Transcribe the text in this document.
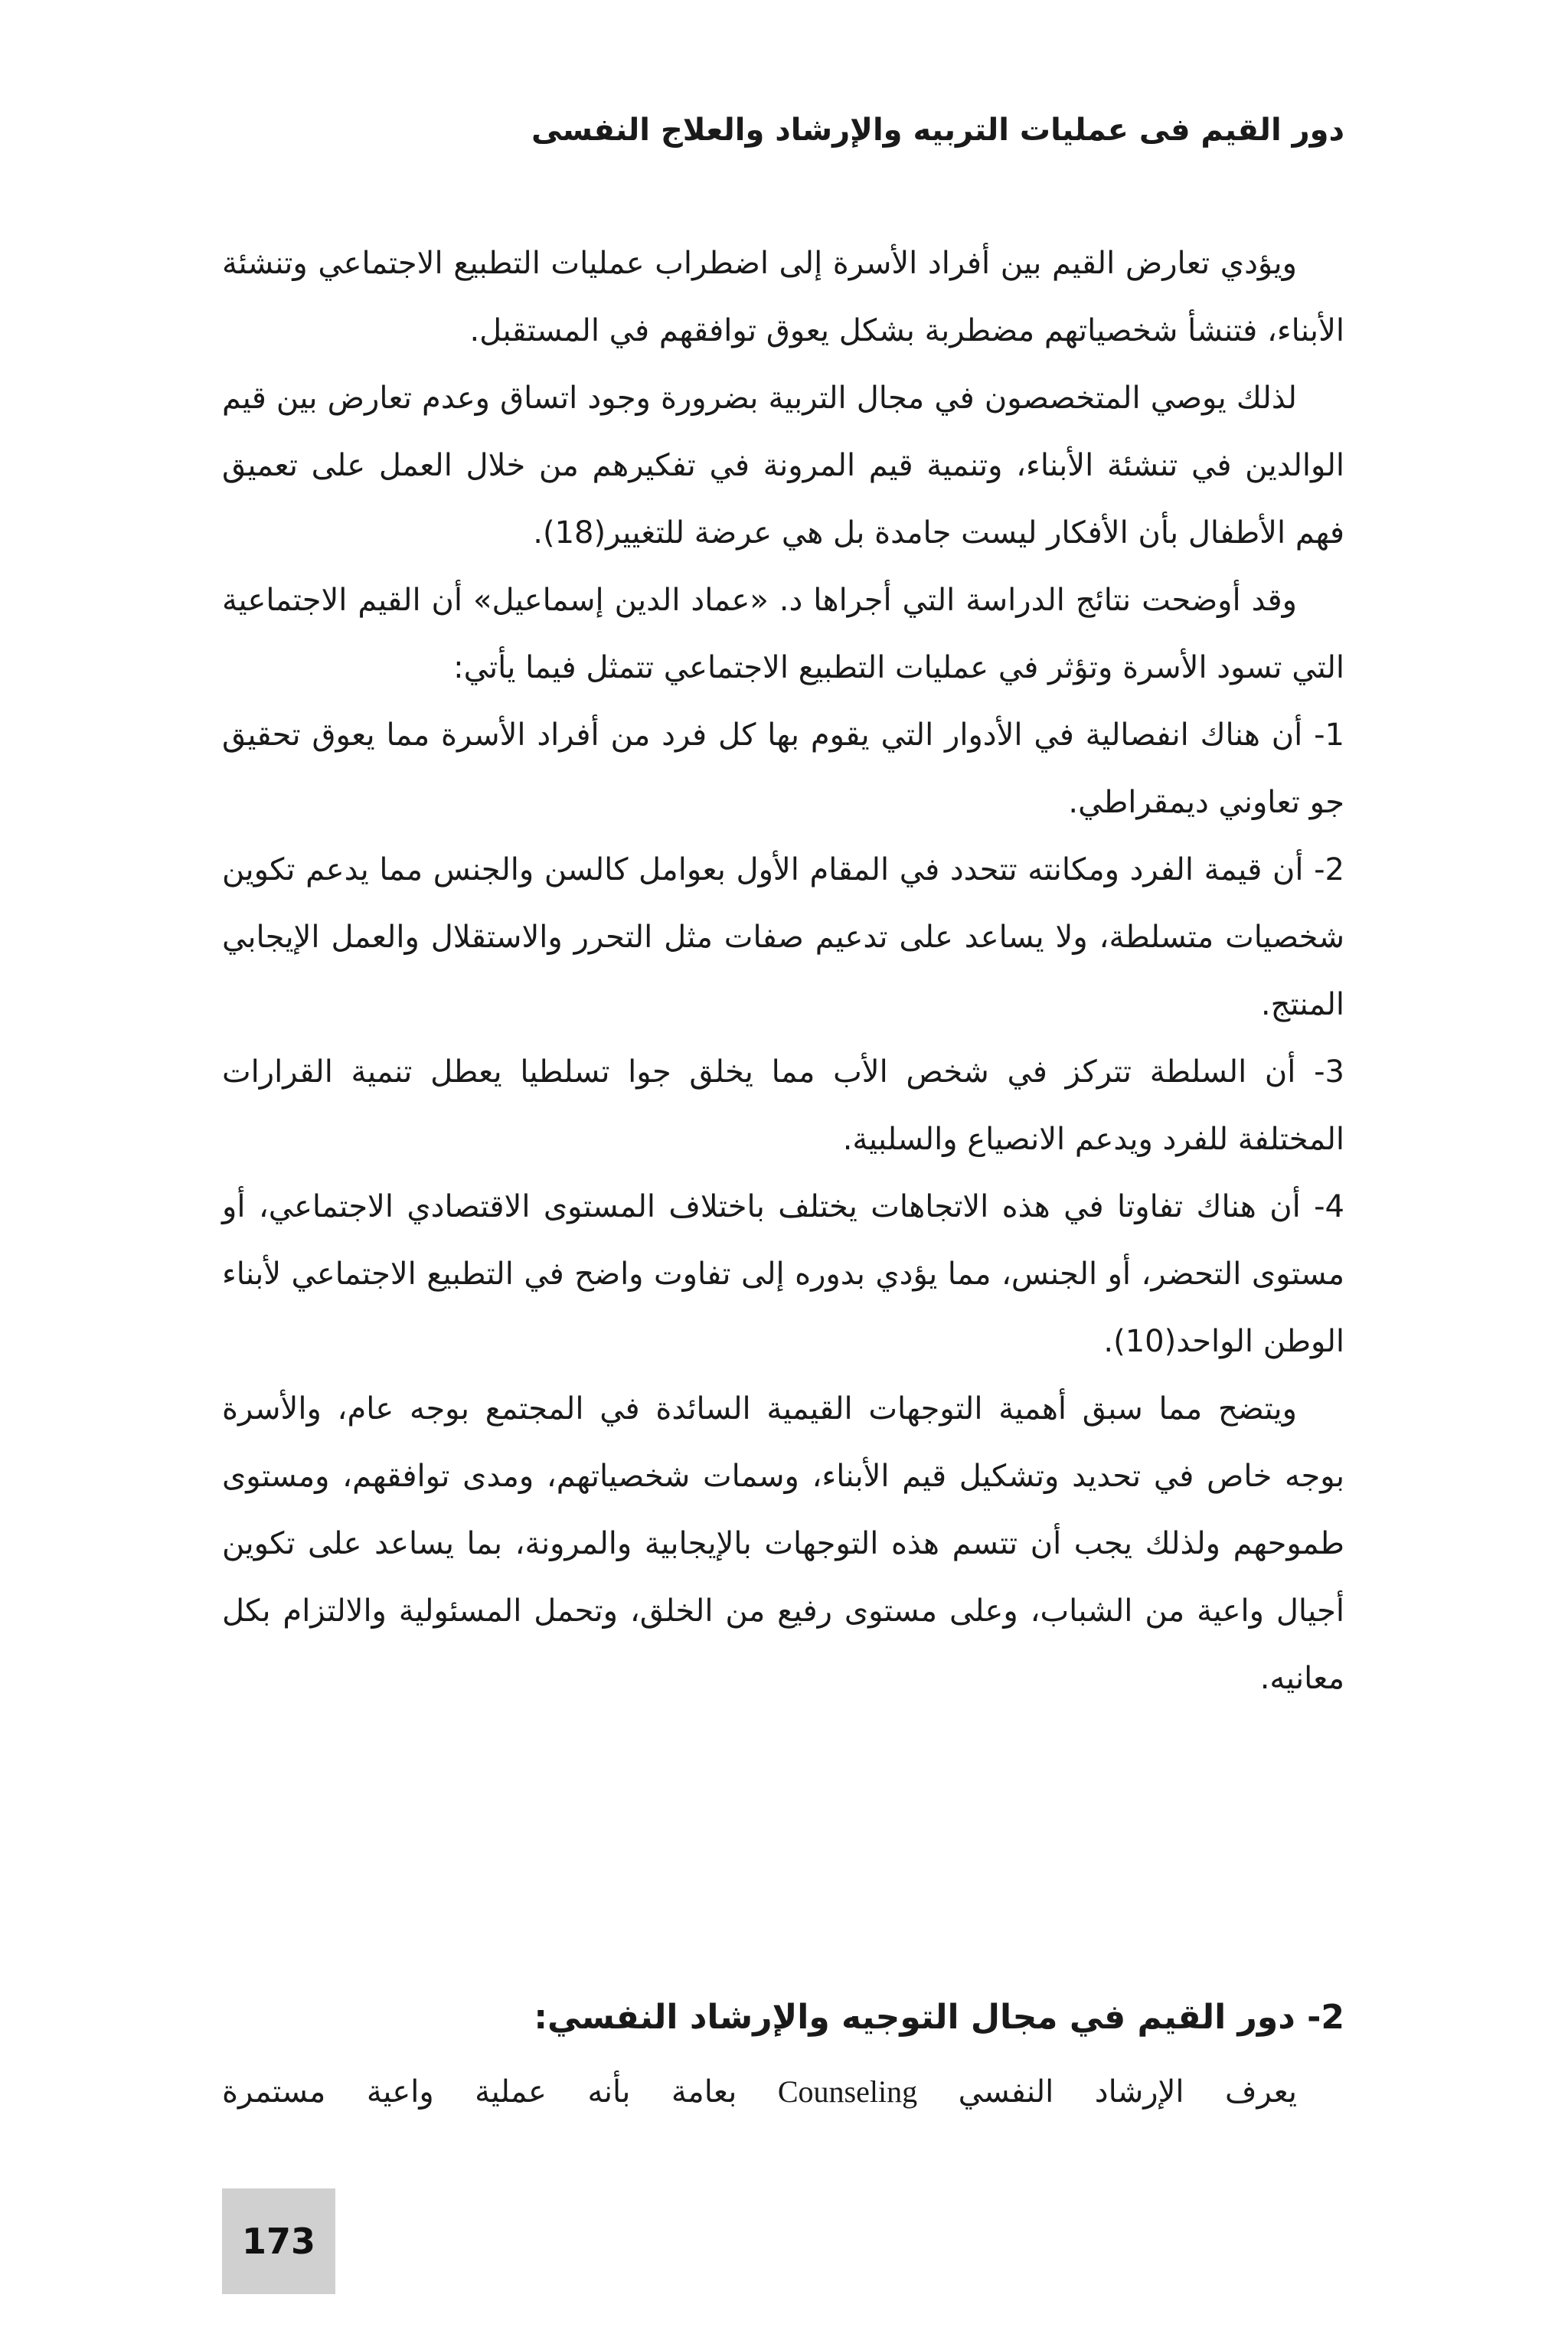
دور القيم فى عمليات التربيه والإرشاد والعلاج النفسى

ويؤدي تعارض القيم بين أفراد الأسرة إلى اضطراب عمليات التطبيع الاجتماعي وتنشئة الأبناء، فتنشأ شخصياتهم مضطربة بشكل يعوق توافقهم في المستقبل.

لذلك يوصي المتخصصون في مجال التربية بضرورة وجود اتساق وعدم تعارض بين قيم الوالدين في تنشئة الأبناء، وتنمية قيم المرونة في تفكيرهم من خلال العمل على تعميق فهم الأطفال بأن الأفكار ليست جامدة بل هي عرضة للتغيير(18).

وقد أوضحت نتائج الدراسة التي أجراها د. «عماد الدين إسماعيل» أن القيم الاجتماعية التي تسود الأسرة وتؤثر في عمليات التطبيع الاجتماعي تتمثل فيما يأتي:

1- أن هناك انفصالية في الأدوار التي يقوم بها كل فرد من أفراد الأسرة مما يعوق تحقيق جو تعاوني ديمقراطي.

2- أن قيمة الفرد ومكانته تتحدد في المقام الأول بعوامل كالسن والجنس مما يدعم تكوين شخصيات متسلطة، ولا يساعد على تدعيم صفات مثل التحرر والاستقلال والعمل الإيجابي المنتج.

3- أن السلطة تتركز في شخص الأب مما يخلق جوا تسلطيا يعطل تنمية القرارات المختلفة للفرد ويدعم الانصياع والسلبية.

4- أن هناك تفاوتا في هذه الاتجاهات يختلف باختلاف المستوى الاقتصادي الاجتماعي، أو مستوى التحضر، أو الجنس، مما يؤدي بدوره إلى تفاوت واضح في التطبيع الاجتماعي لأبناء الوطن الواحد(10).

ويتضح مما سبق أهمية التوجهات القيمية السائدة في المجتمع بوجه عام، والأسرة بوجه خاص في تحديد وتشكيل قيم الأبناء، وسمات شخصياتهم، ومدى توافقهم، ومستوى طموحهم ولذلك يجب أن تتسم هذه التوجهات بالإيجابية والمرونة، بما يساعد على تكوين أجيال واعية من الشباب، وعلى مستوى رفيع من الخلق، وتحمل المسئولية والالتزام بكل معانيه.

2- دور القيم في مجال التوجيه والإرشاد النفسي:
يعرف الإرشاد النفسي Counseling بعامة بأنه عملية واعية مستمرة
173
